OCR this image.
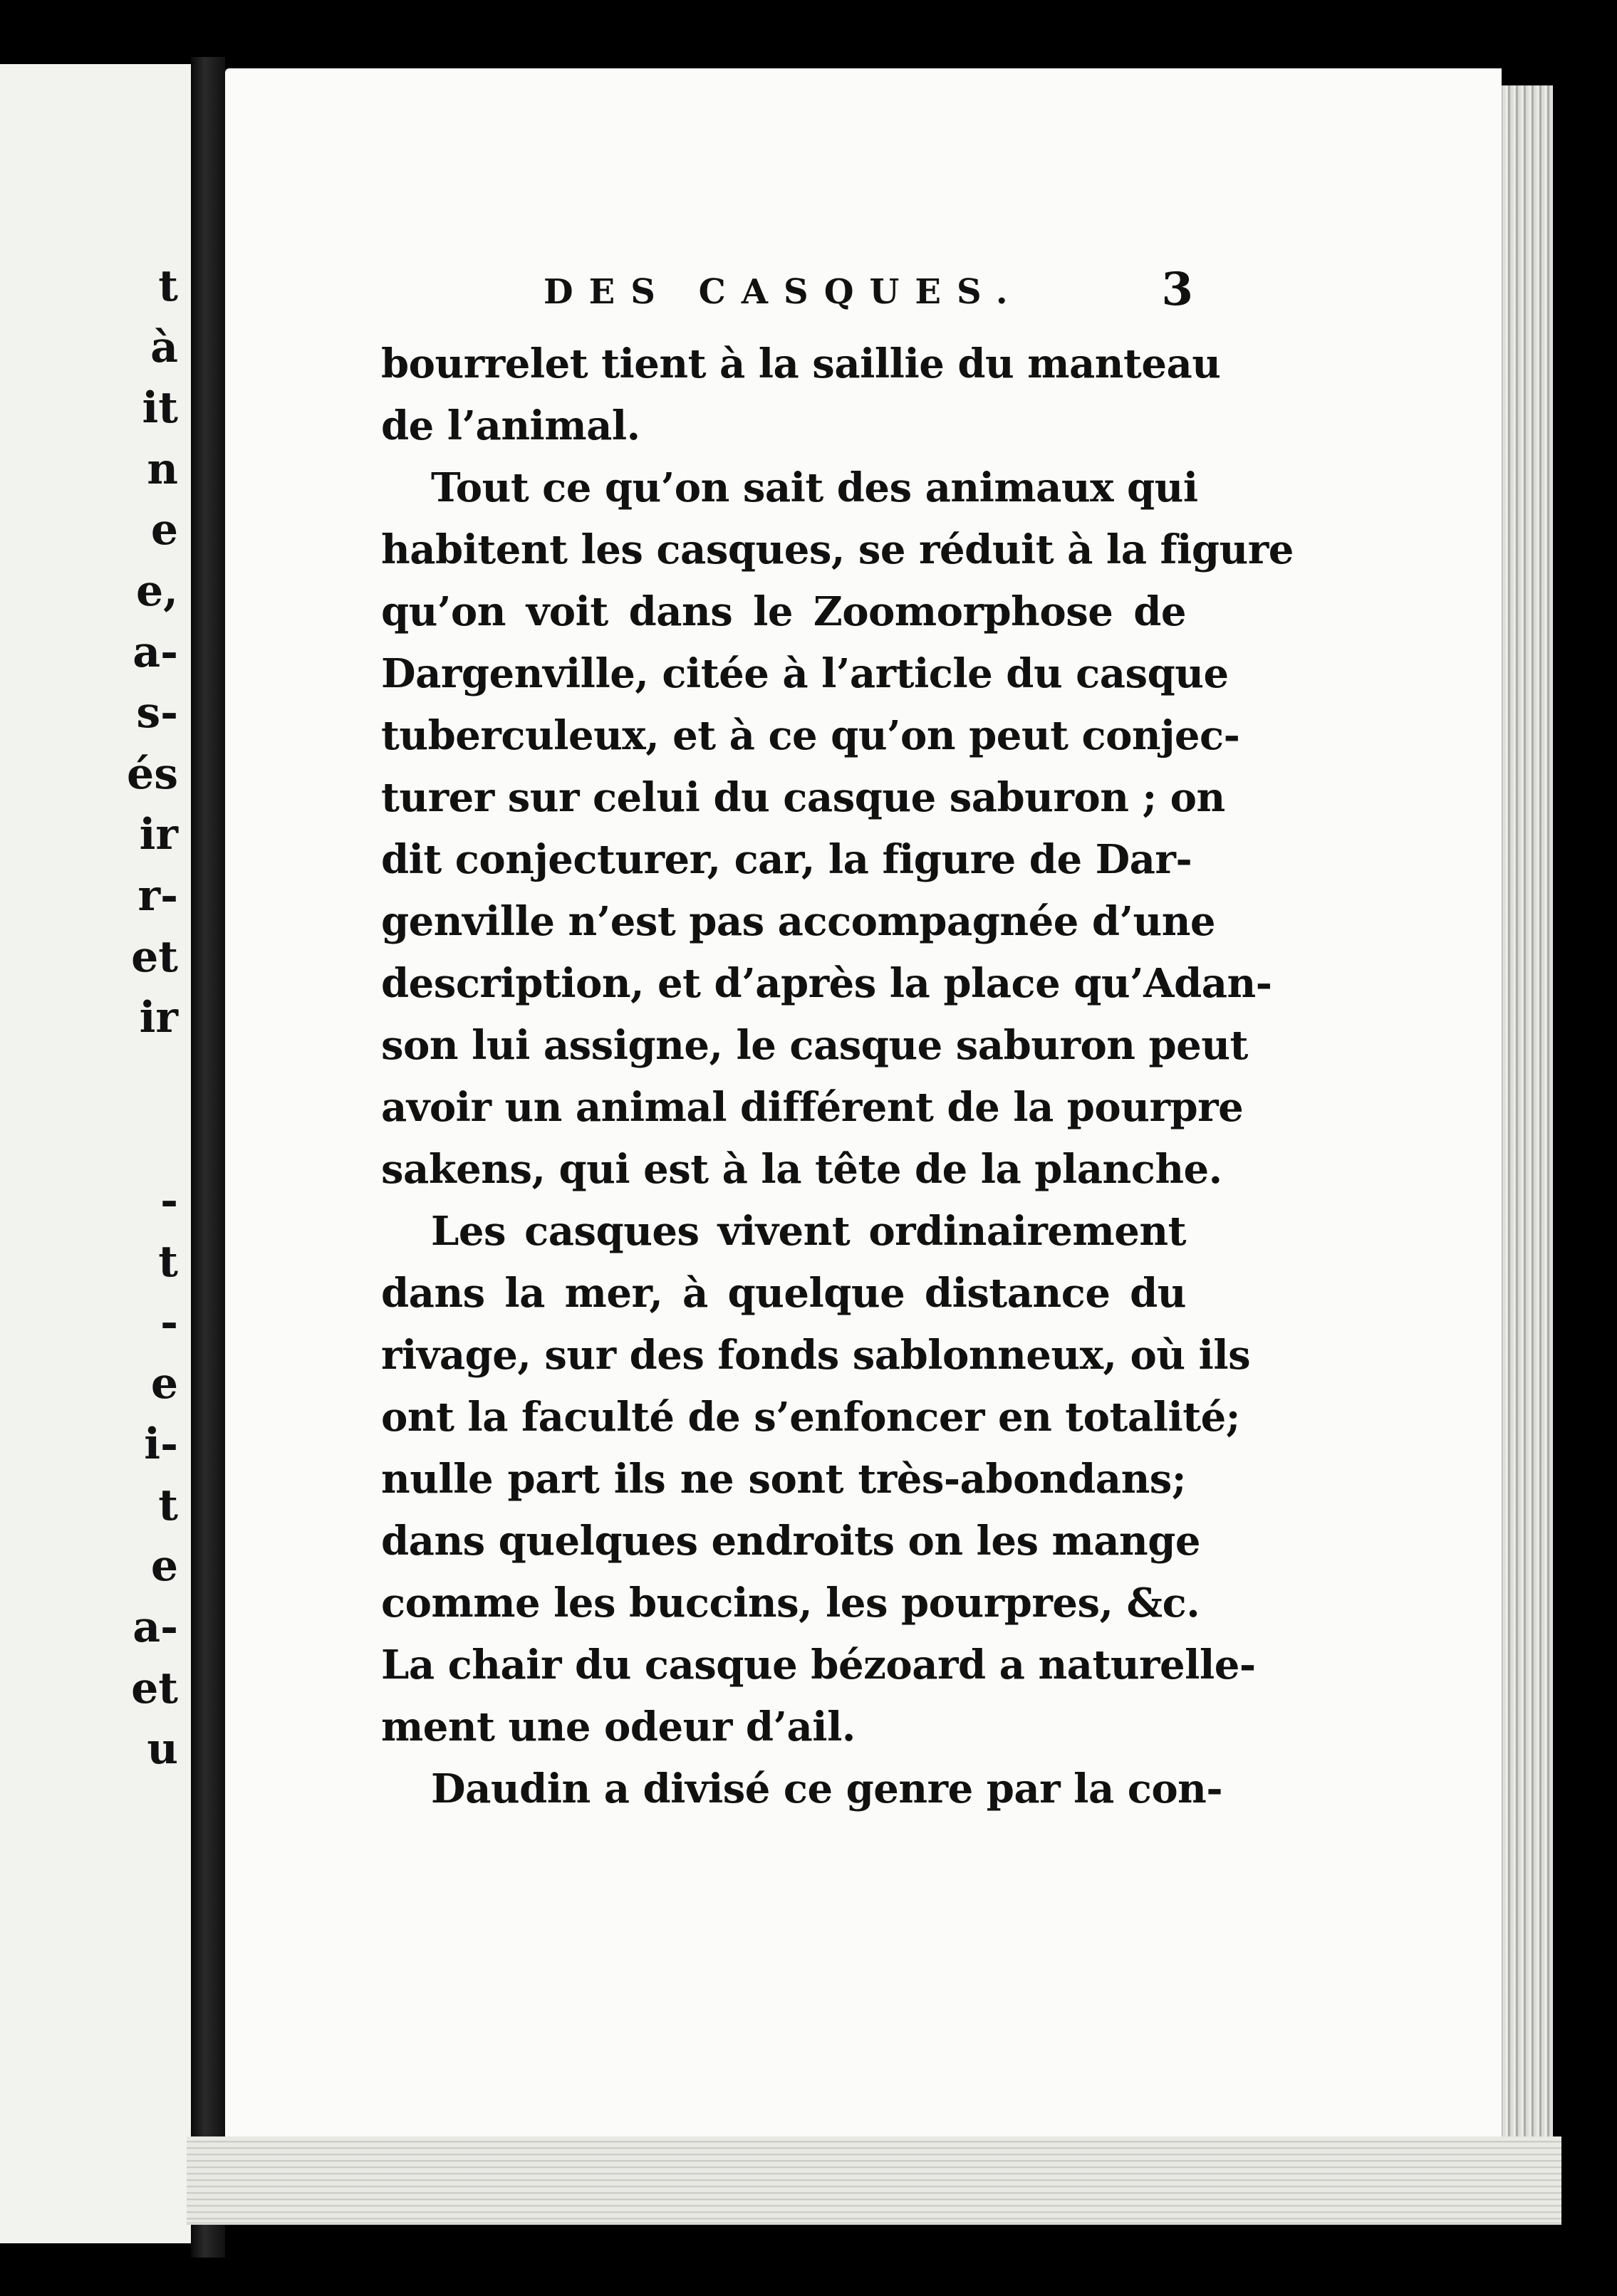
t
à
it
n
e
e,
a-
s-
és
ir
r-
et
ir
-
t
-
e
i-
t
e
a-
et
u
DES CASQUES.	3
bourrelet tient à la saillie du manteau
de l’animal.
Tout ce qu’on sait des animaux qui
habitent les casques, se réduit à la figure
qu’on voit dans le Zoomorphose de
Dargenville, citée à l’article du casque
tuberculeux, et à ce qu’on peut conjec-
turer sur celui du casque saburon ; on
dit conjecturer, car, la figure de Dar-
genville n’est pas accompagnée d’une
description, et d’après la place qu’Adan-
son lui assigne, le casque saburon peut
avoir un animal différent de la pourpre
sakens, qui est à la tête de la planche.
Les casques vivent ordinairement
dans la mer, à quelque distance du
rivage, sur des fonds sablonneux, où ils
ont la faculté de s’enfoncer en totalité;
nulle part ils ne sont très-abondans;
dans quelques endroits on les mange
comme les buccins, les pourpres, &c.
La chair du casque bézoard a naturelle-
ment une odeur d’ail.
Daudin a divisé ce genre par la con-
